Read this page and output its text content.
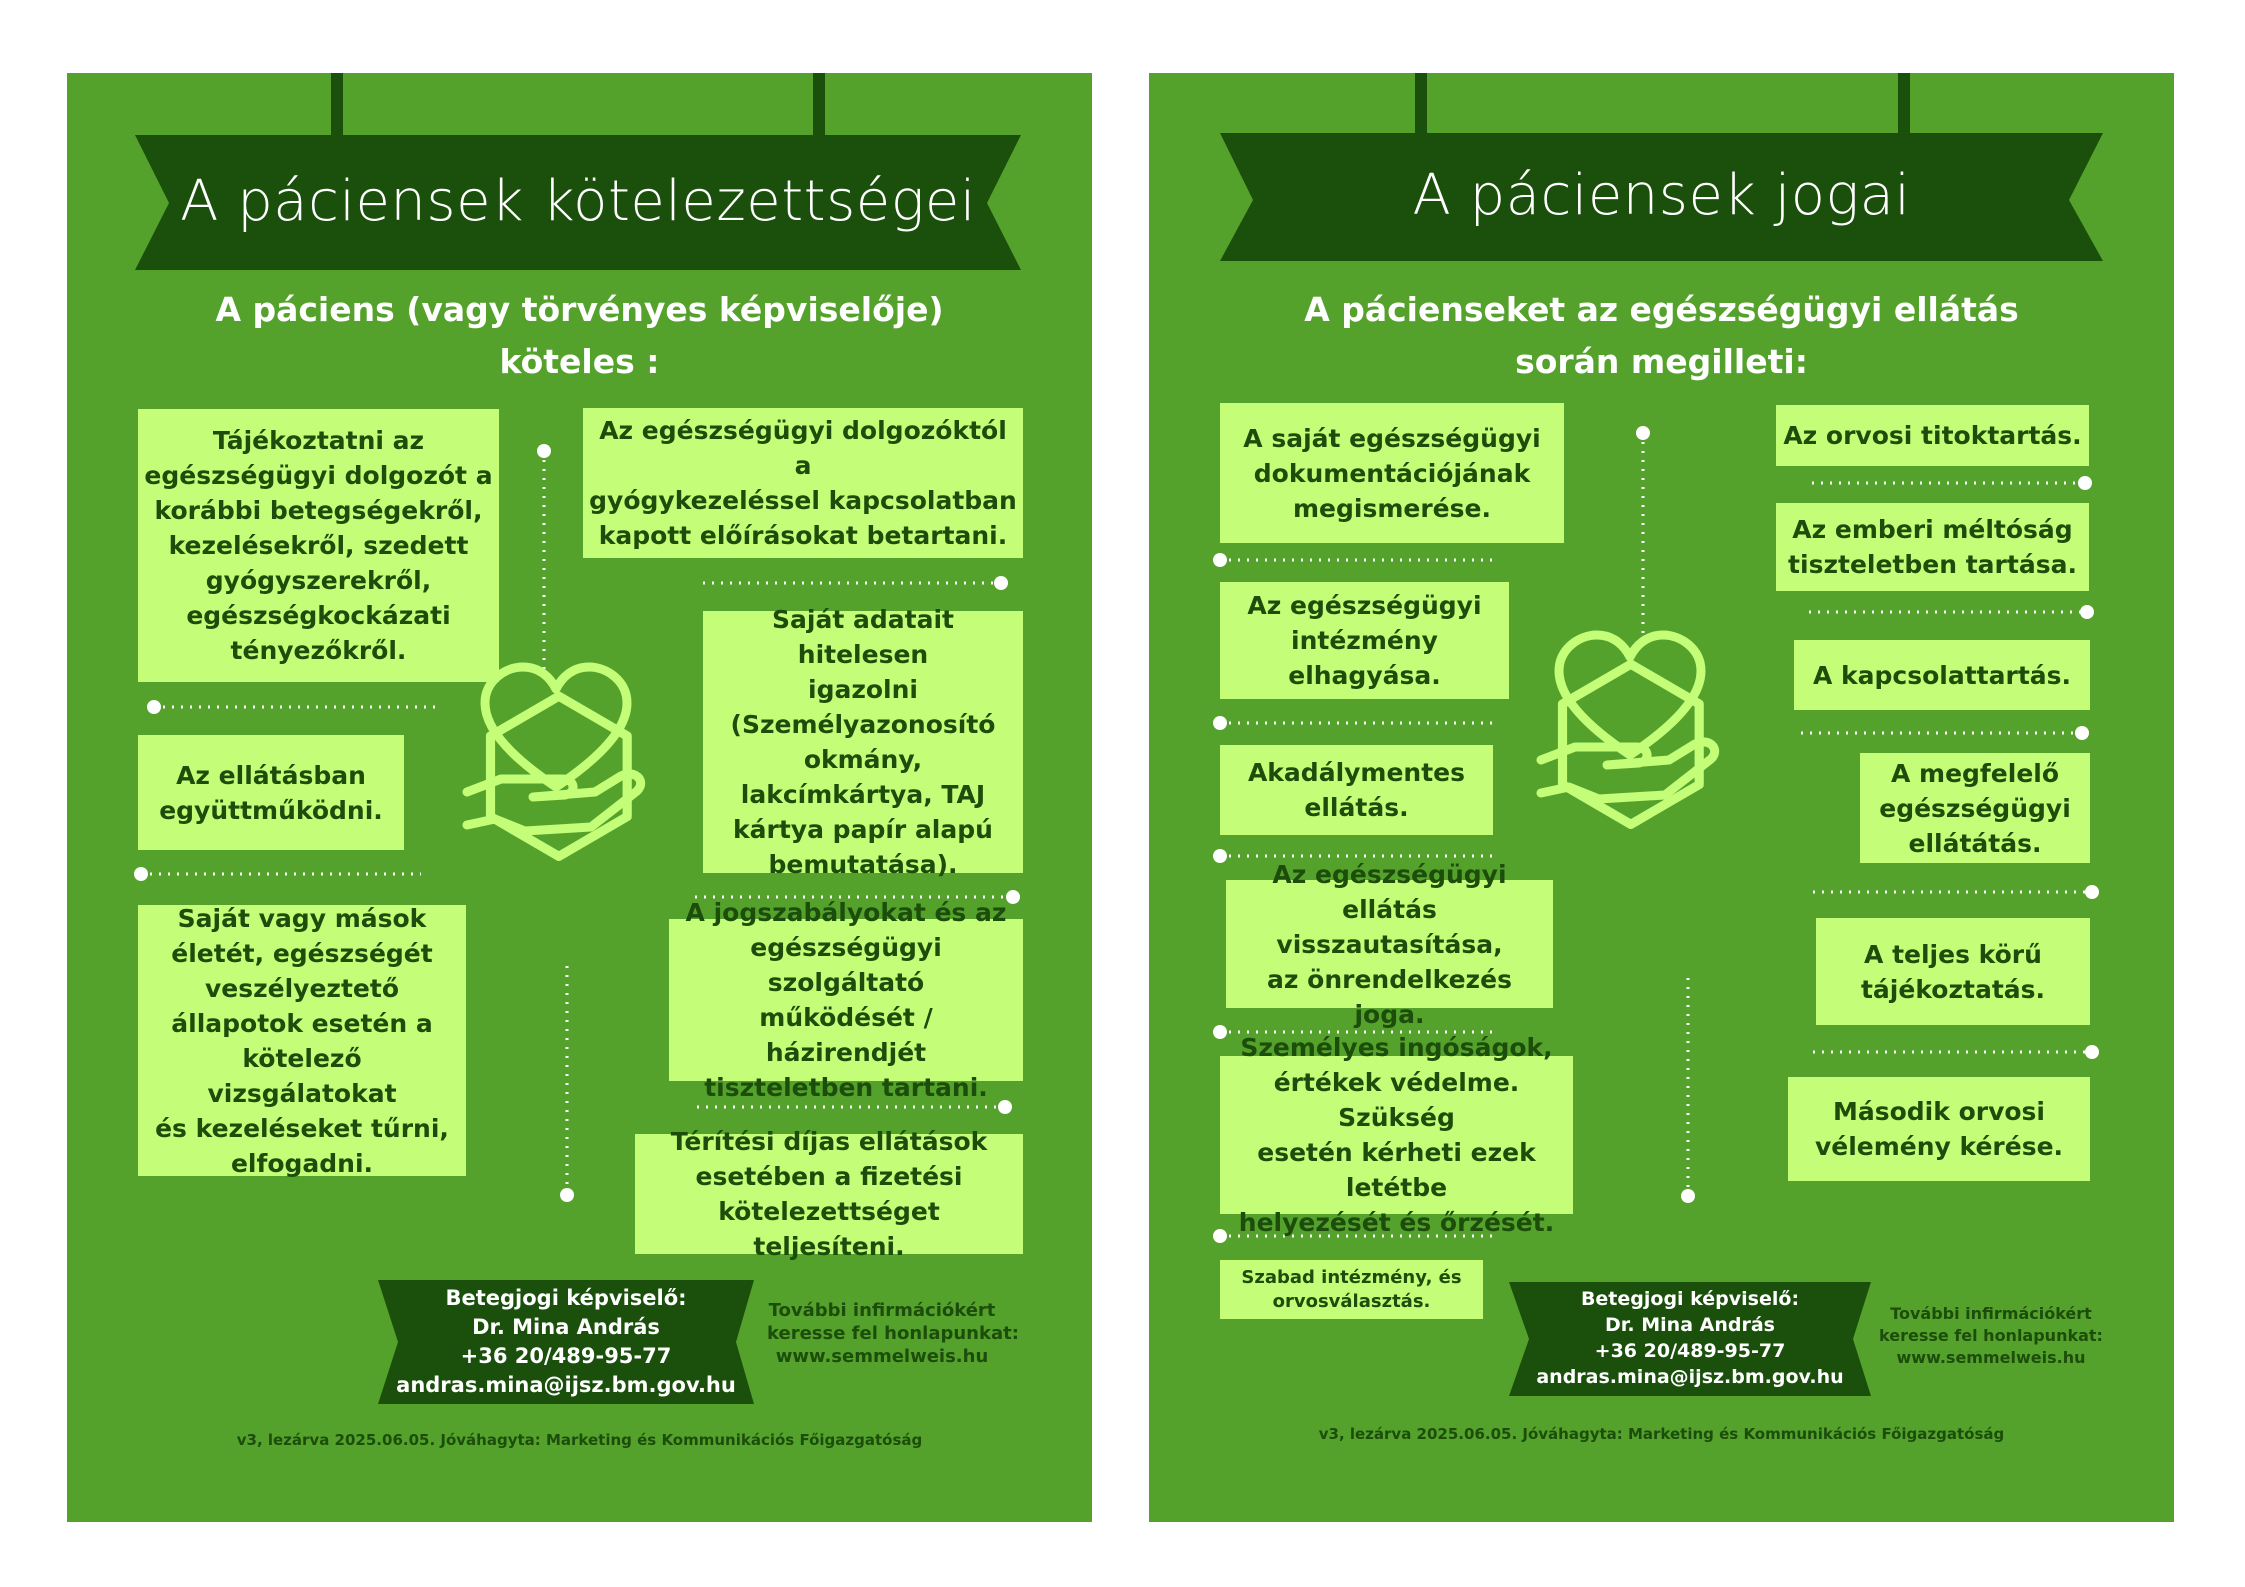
A páciensek kötelezettségei
A páciens (vagy törvényes képviselője)
köteles :
Tájékoztatni az
egészségügyi dolgozót a
korábbi betegségekről,
kezelésekről, szedett
gyógyszerekről,
egészségkockázati
tényezőkről.
Az ellátásban
együttműködni.
Saját vagy mások
életét, egészségét
veszélyeztető
állapotok esetén a
kötelező vizsgálatokat
és kezeléseket tűrni,
elfogadni.
Az egészségügyi dolgozóktól a
gyógykezeléssel kapcsolatban
kapott előírásokat betartani.
Saját adatait hitelesen
igazolni
(Személyazonosító
okmány,
lakcímkártya, TAJ
kártya papír alapú
bemutatása).
A jogszabályokat és az
egészségügyi szolgáltató
működését / házirendjét
tiszteletben tartani.
Térítési díjas ellátások
esetében a fizetési
kötelezettséget teljesíteni.
Betegjogi képviselő:
Dr. Mina András
+36 20/489-95-77
andras.mina@ijsz.bm.gov.hu
További infirmációkért
keresse fel honlapunkat:
www.semmelweis.hu
v3, lezárva 2025.06.05. Jóváhagyta: Marketing és Kommunikációs Főigazgatóság
A páciensek jogai
A pácienseket az egészségügyi ellátás
során megilleti:
A saját egészségügyi
dokumentációjának
megismerése.
Az egészségügyi
intézmény
elhagyása.
Akadálymentes
ellátás.
Az egészségügyi ellátás
visszautasítása,
az önrendelkezés joga.
Személyes ingóságok,
értékek védelme. Szükség
esetén kérheti ezek letétbe
helyezését és őrzését.
Szabad intézmény, és
orvosválasztás.
Az orvosi titoktartás.
Az emberi méltóság
tiszteletben tartása.
A kapcsolattartás.
A megfelelő
egészségügyi
ellátátás.
A teljes körű
tájékoztatás.
Második orvosi
vélemény kérése.
Betegjogi képviselő:
Dr. Mina András
+36 20/489-95-77
andras.mina@ijsz.bm.gov.hu
További infirmációkért
keresse fel honlapunkat:
www.semmelweis.hu
v3, lezárva 2025.06.05. Jóváhagyta: Marketing és Kommunikációs Főigazgatóság
